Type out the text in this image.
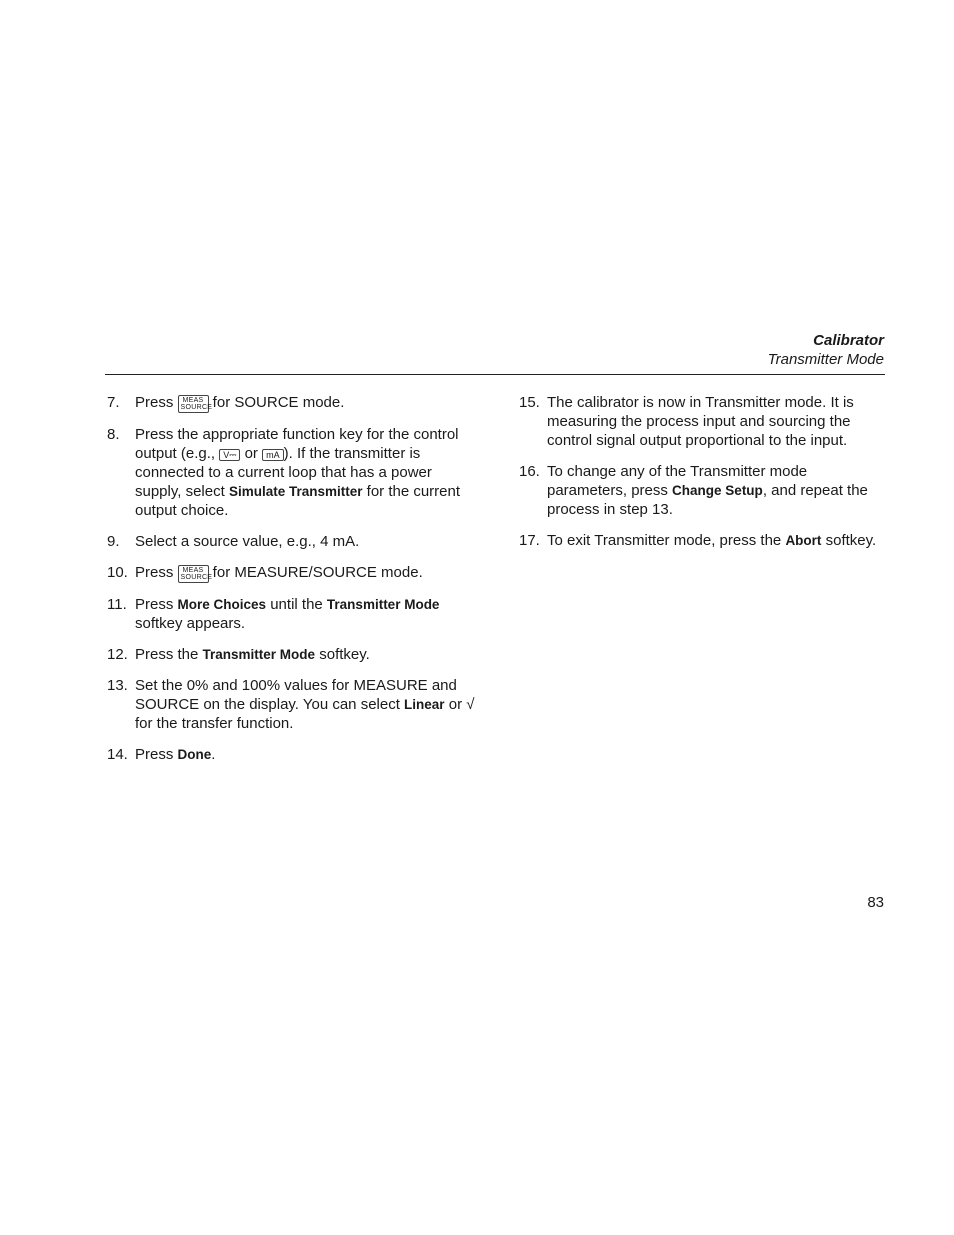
Calibrator
Transmitter Mode
7. Press MEAS
SOURCE
for SOURCE mode.
8. Press the appropriate function key for the control output (e.g., V⎓ or mA ). If the transmitter is connected to a current loop that has a power supply, select Simulate Transmitter for the current output choice.
9. Select a source value, e.g., 4 mA.
10. Press MEAS
SOURCE
for MEASURE/SOURCE mode.
11. Press More Choices until the Transmitter Mode softkey appears.
12. Press the Transmitter Mode softkey.
13. Set the 0% and 100% values for MEASURE and SOURCE on the display. You can select Linear or √ for the transfer function.
14. Press Done.
15. The calibrator is now in Transmitter mode. It is measuring the process input and sourcing the control signal output proportional to the input.
16. To change any of the Transmitter mode parameters, press Change Setup, and repeat the process in step 13.
17. To exit Transmitter mode, press the Abort softkey.
83
